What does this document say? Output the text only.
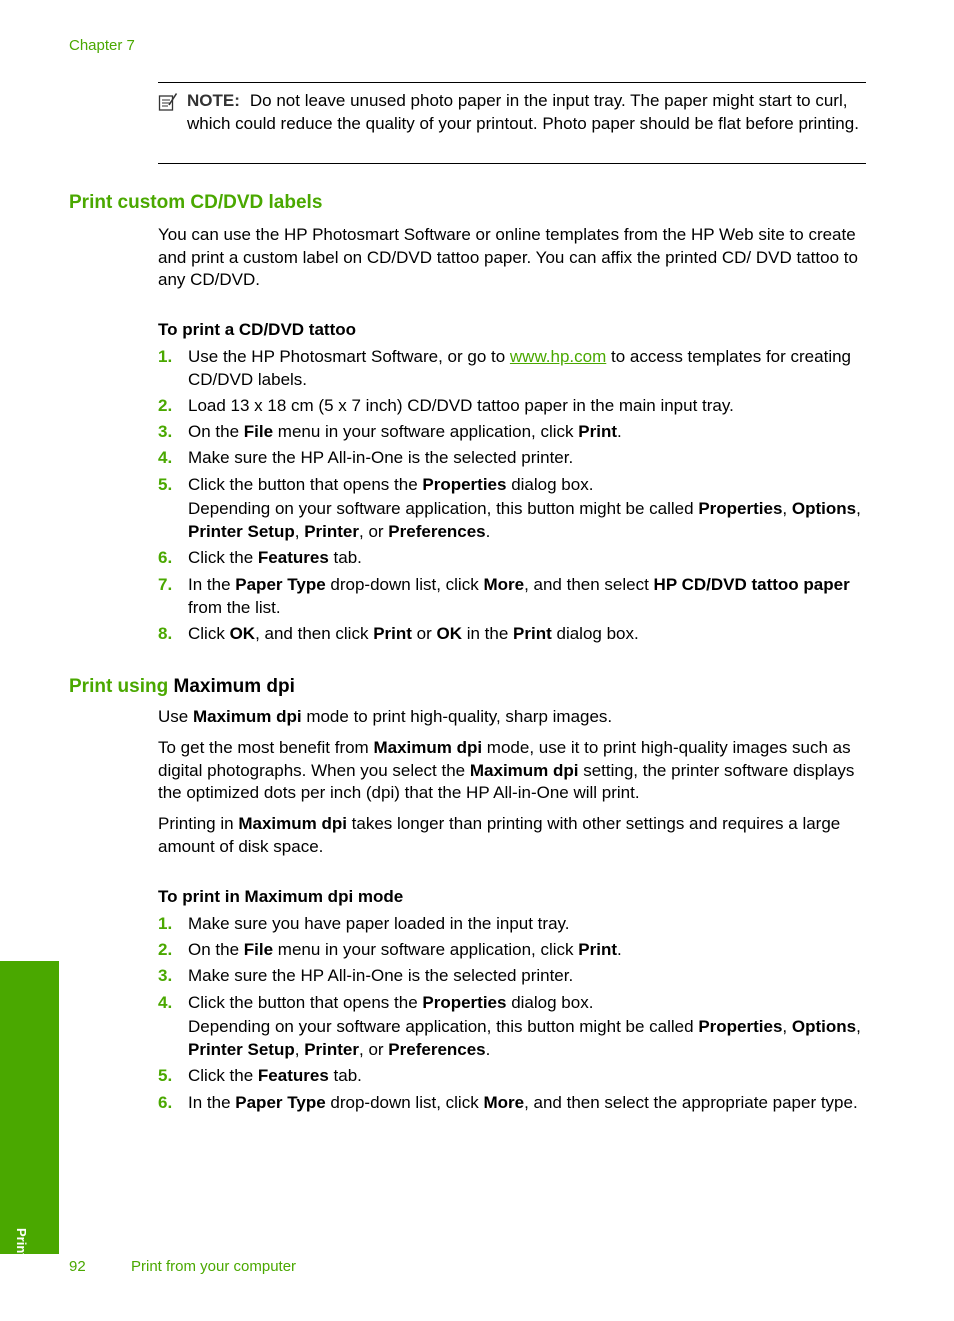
Chapter 7
NOTE: Do not leave unused photo paper in the input tray. The paper might start to curl, which could reduce the quality of your printout. Photo paper should be flat before printing.
Print custom CD/DVD labels

You can use the HP Photosmart Software or online templates from the HP Web site to create and print a custom label on CD/DVD tattoo paper. You can affix the printed CD/ DVD tattoo to any CD/DVD.

To print a CD/DVD tattoo

1. Use the HP Photosmart Software, or go to www.hp.com to access templates for creating CD/DVD labels.
2. Load 13 x 18 cm (5 x 7 inch) CD/DVD tattoo paper in the main input tray.
3. On the File menu in your software application, click Print.
4. Make sure the HP All-in-One is the selected printer.
5. Click the button that opens the Properties dialog box.
Depending on your software application, this button might be called Properties, Options, Printer Setup, Printer, or Preferences.
6. Click the Features tab.
7. In the Paper Type drop-down list, click More, and then select HP CD/DVD tattoo paper from the list.
8. Click OK, and then click Print or OK in the Print dialog box.
Print using Maximum dpi

Use Maximum dpi mode to print high-quality, sharp images.

To get the most benefit from Maximum dpi mode, use it to print high-quality images such as digital photographs. When you select the Maximum dpi setting, the printer software displays the optimized dots per inch (dpi) that the HP All-in-One will print.

Printing in Maximum dpi takes longer than printing with other settings and requires a large amount of disk space.

To print in Maximum dpi mode

1. Make sure you have paper loaded in the input tray.
2. On the File menu in your software application, click Print.
3. Make sure the HP All-in-One is the selected printer.
4. Click the button that opens the Properties dialog box.
Depending on your software application, this button might be called Properties, Options, Printer Setup, Printer, or Preferences.
5. Click the Features tab.
6. In the Paper Type drop-down list, click More, and then select the appropriate paper type.
Print
92	Print from your computer
